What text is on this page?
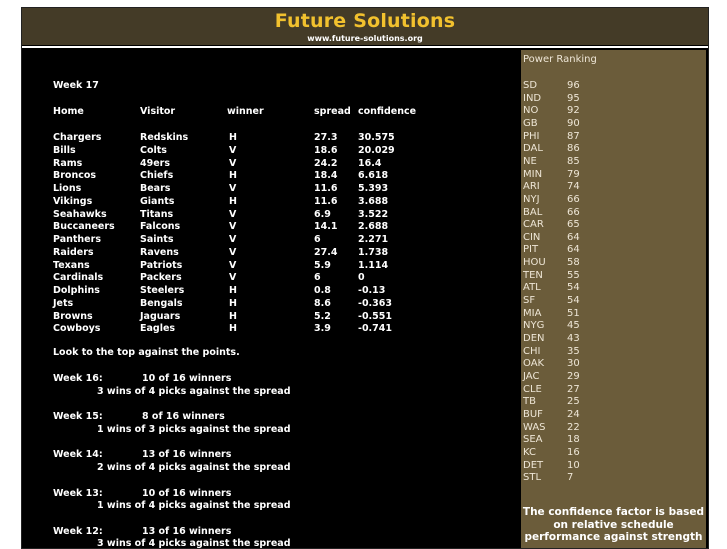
Future Solutions
www.future-solutions.org
Week 17
Home	Visitor	winner	spread confidence
Chargers	Redskins	H	27.3 30.575
Bills	Colts	V	18.6 20.029
Rams	49ers	V	24.2 16.4
Broncos	Chiefs	H	18.4 6.618
Lions	Bears	V	11.6 5.393
Vikings	Giants	H	11.6 3.688
Seahawks	Titans	V	6.9	3.522
Buccaneers	Falcons	V	14.1 2.688
Panthers	Saints	V	6	2.271
Raiders	Ravens	V	27.4 1.738
Texans	Patriots	V	5.9	1.114
Cardinals	Packers	V	6	0
Dolphins	Steelers	H	0.8	-0.13
Jets	Bengals	H	8.6	-0.363
Browns	Jaguars	H	5.2	-0.551
Cowboys	Eagles	H	3.9	-0.741
Look to the top against the points.
Week 16:	10 of 16 winners
3 wins of 4 picks against the spread
Week 15:	8 of 16 winners
1 wins of 3 picks against the spread
Week 14:	13 of 16 winners
2 wins of 4 picks against the spread
Week 13:	10 of 16 winners
1 wins of 4 picks against the spread
Week 12:	13 of 16 winners
3 wins of 4 picks against the spread
Power Ranking
SD	96
IND	95
NO	92
GB	90
PHI	87
DAL 86
NE	85
MIN 79
ARI	74
NYJ	66
BAL 66
CAR 65
CIN	64
PIT	64
HOU 58
TEN 55
ATL	54
SF	54
MIA	51
NYG 45
DEN 43
CHI	35
OAK 30
JAC	29
CLE	27
TB	25
BUF 24
WAS 22
SEA 18
KC	16
DET 10
STL	7
The confidence factor is based on relative schedule performance against strength
